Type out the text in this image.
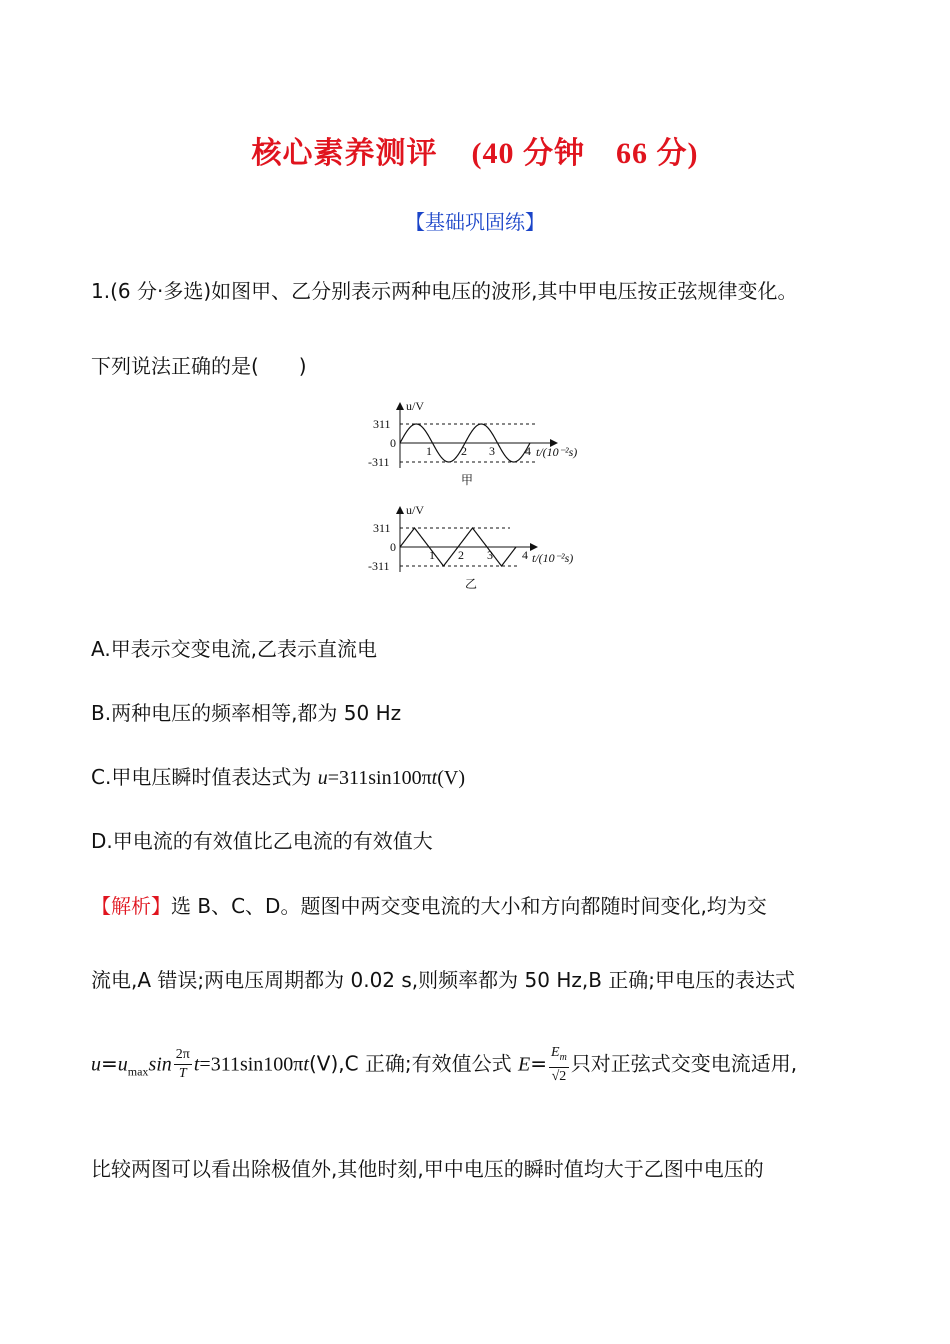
核心素养测评 (40 分钟　66 分)
【基础巩固练】
1.(6 分·多选)如图甲、乙分别表示两种电压的波形,其中甲电压按正弦规律变化。
下列说法正确的是(　　)
u/V
311
0
-311
1 2 3	4 t/(10⁻²s)
甲
u/V
311
0
-311
1 2 3 4 t/(10⁻²s)
乙
A.甲表示交变电流,乙表示直流电
B.两种电压的频率相等,都为 50 Hz
C.甲电压瞬时值表达式为 u=311sin100πt(V)
D.甲电流的有效值比乙电流的有效值大
【解析】选 B、C、D。题图中两交变电流的大小和方向都随时间变化,均为交
流电,A 错误;两电压周期都为 0.02 s,则频率都为 50 Hz,B 正确;甲电压的表达式
$u=u_{max}\sin \frac{2\pi}{T} t=311\sin 100\pi t(V),C$ 正确;有效值公式 $E= \frac{E_m}{√2}$ 只对正弦式交变电流适用,
比较两图可以看出除极值外,其他时刻,甲中电压的瞬时值均大于乙图中电压的
